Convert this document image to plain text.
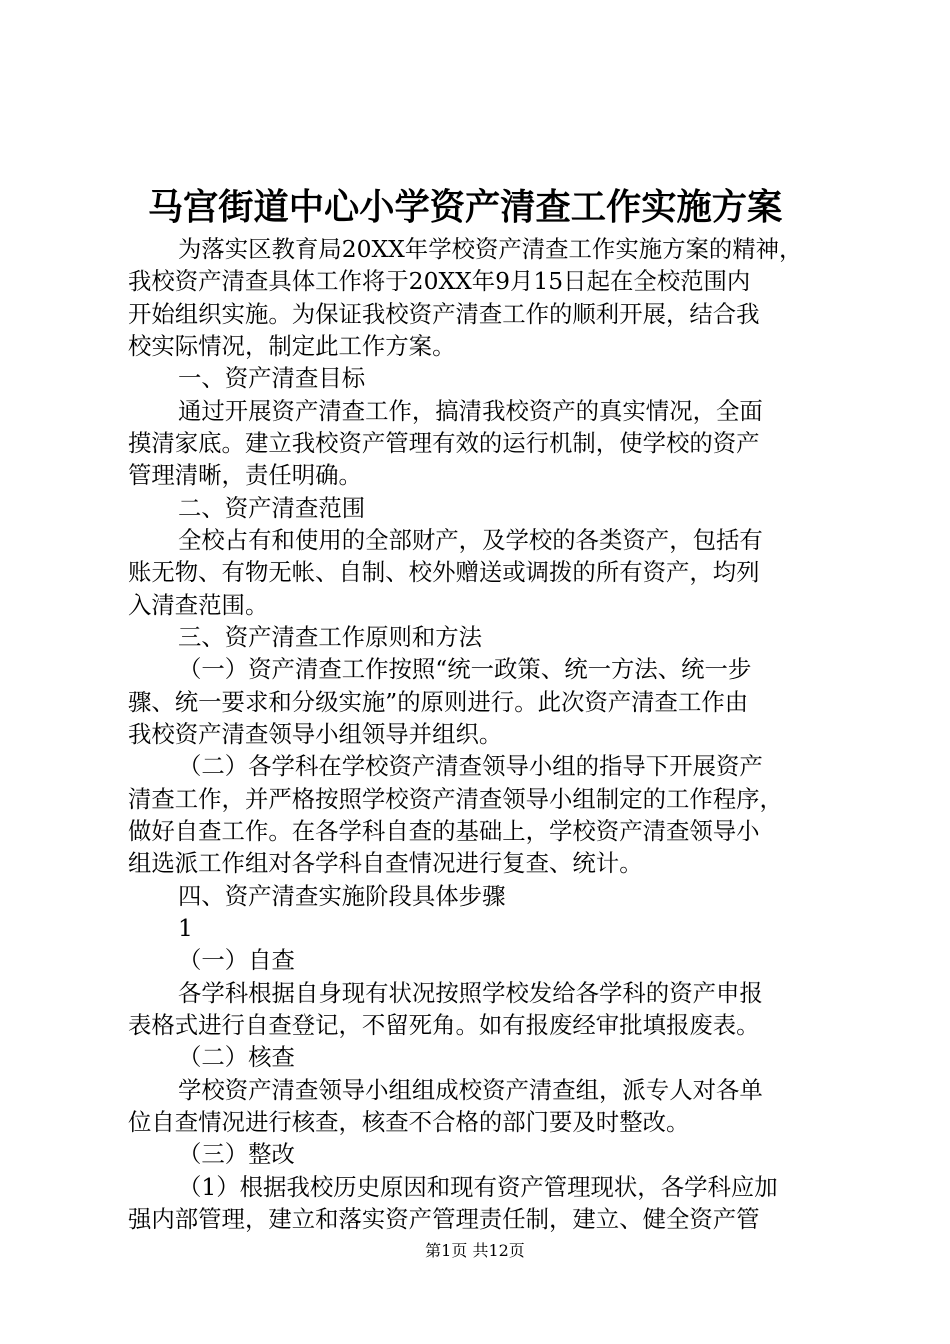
马宫街道中心小学资产清查工作实施方案
为落实区教育局20XX年学校资产清查工作实施方案的精神，
我校资产清查具体工作将于20XX年9月15日起在全校范围内
开始组织实施。为保证我校资产清查工作的顺利开展，结合我
校实际情况，制定此工作方案。
一、资产清查目标
通过开展资产清查工作，搞清我校资产的真实情况，全面
摸清家底。建立我校资产管理有效的运行机制，使学校的资产
管理清晰，责任明确。
二、资产清查范围
全校占有和使用的全部财产，及学校的各类资产，包括有
账无物、有物无帐、自制、校外赠送或调拨的所有资产，均列
入清查范围。
三、资产清查工作原则和方法
（一）资产清查工作按照“统一政策、统一方法、统一步
骤、统一要求和分级实施”的原则进行。此次资产清查工作由
我校资产清查领导小组领导并组织。
（二）各学科在学校资产清查领导小组的指导下开展资产
清查工作，并严格按照学校资产清查领导小组制定的工作程序，
做好自查工作。在各学科自查的基础上，学校资产清查领导小
组选派工作组对各学科自查情况进行复查、统计。
四、资产清查实施阶段具体步骤
1
（一）自查
各学科根据自身现有状况按照学校发给各学科的资产申报
表格式进行自查登记，不留死角。如有报废经审批填报废表。
（二）核查
学校资产清查领导小组组成校资产清查组，派专人对各单
位自查情况进行核查，核查不合格的部门要及时整改。
（三）整改
（1）根据我校历史原因和现有资产管理现状，各学科应加
强内部管理，建立和落实资产管理责任制，建立、健全资产管
第1页 共12页
